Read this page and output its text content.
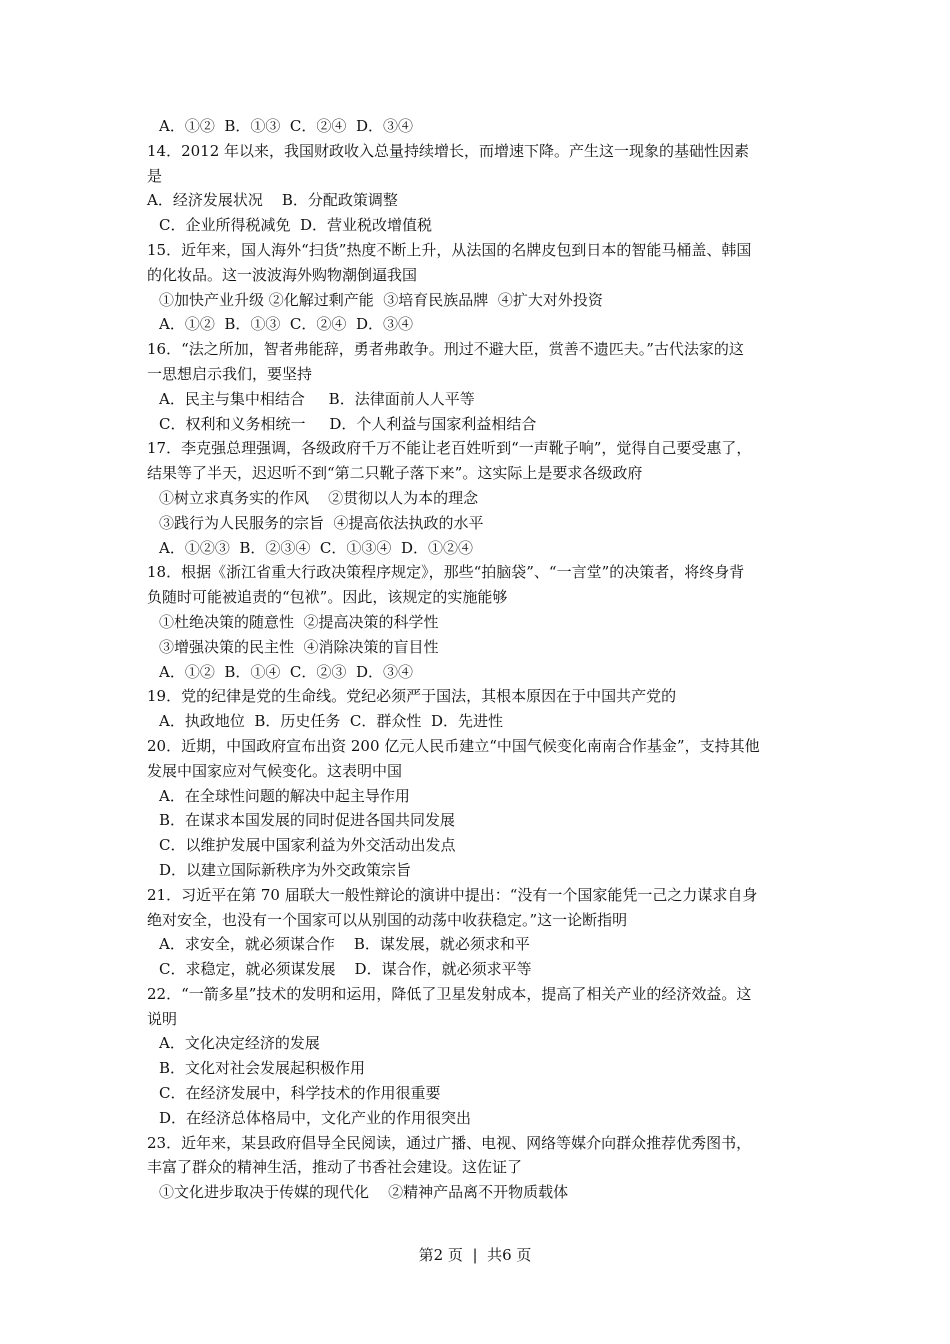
A．①②  B．①③  C．②④  D．③④

14．2012 年以来，我国财政收入总量持续增长，而增速下降。产生这一现象的基础性因素

是

A．经济发展状况    B．分配政策调整

C．企业所得税减免  D．营业税改增值税

15．近年来，国人海外“扫货”热度不断上升，从法国的名牌皮包到日本的智能马桶盖、韩国

的化妆品。这一波波海外购物潮倒逼我国

①加快产业升级 ②化解过剩产能  ③培育民族品牌  ④扩大对外投资

A．①②  B．①③  C．②④  D．③④

16．“法之所加，智者弗能辞，勇者弗敢争。刑过不避大臣，赏善不遗匹夫。”古代法家的这

一思想启示我们，要坚持

A．民主与集中相结合     B．法律面前人人平等

C．权利和义务相统一     D．个人利益与国家利益相结合

17．李克强总理强调，各级政府千万不能让老百姓听到“一声靴子响”，觉得自己要受惠了，

结果等了半天，迟迟听不到“第二只靴子落下来”。这实际上是要求各级政府

①树立求真务实的作风    ②贯彻以人为本的理念

③践行为人民服务的宗旨  ④提高依法执政的水平

A．①②③  B．②③④  C．①③④  D．①②④

18．根据《浙江省重大行政决策程序规定》，那些“拍脑袋”、“一言堂”的决策者，将终身背

负随时可能被追责的“包袱”。因此，该规定的实施能够

①杜绝决策的随意性  ②提高决策的科学性

③增强决策的民主性  ④消除决策的盲目性

A．①②  B．①④  C．②③  D．③④

19．党的纪律是党的生命线。党纪必须严于国法，其根本原因在于中国共产党的

A．执政地位  B．历史任务  C．群众性  D．先进性

20．近期，中国政府宣布出资 200 亿元人民币建立“中国气候变化南南合作基金”，支持其他

发展中国家应对气候变化。这表明中国

A．在全球性问题的解决中起主导作用

B．在谋求本国发展的同时促进各国共同发展

C．以维护发展中国家利益为外交活动出发点

D．以建立国际新秩序为外交政策宗旨

21．习近平在第 70 届联大一般性辩论的演讲中提出：“没有一个国家能凭一己之力谋求自身

绝对安全，也没有一个国家可以从别国的动荡中收获稳定。”这一论断指明

A．求安全，就必须谋合作    B．谋发展，就必须求和平

C．求稳定，就必须谋发展    D．谋合作，就必须求平等

22．“一箭多星”技术的发明和运用，降低了卫星发射成本，提高了相关产业的经济效益。这

说明

A．文化决定经济的发展

B．文化对社会发展起积极作用

C．在经济发展中，科学技术的作用很重要

D．在经济总体格局中，文化产业的作用很突出

23．近年来，某县政府倡导全民阅读，通过广播、电视、网络等媒介向群众推荐优秀图书，

丰富了群众的精神生活，推动了书香社会建设。这佐证了

①文化进步取决于传媒的现代化    ②精神产品离不开物质载体

第2 页  |  共6 页
